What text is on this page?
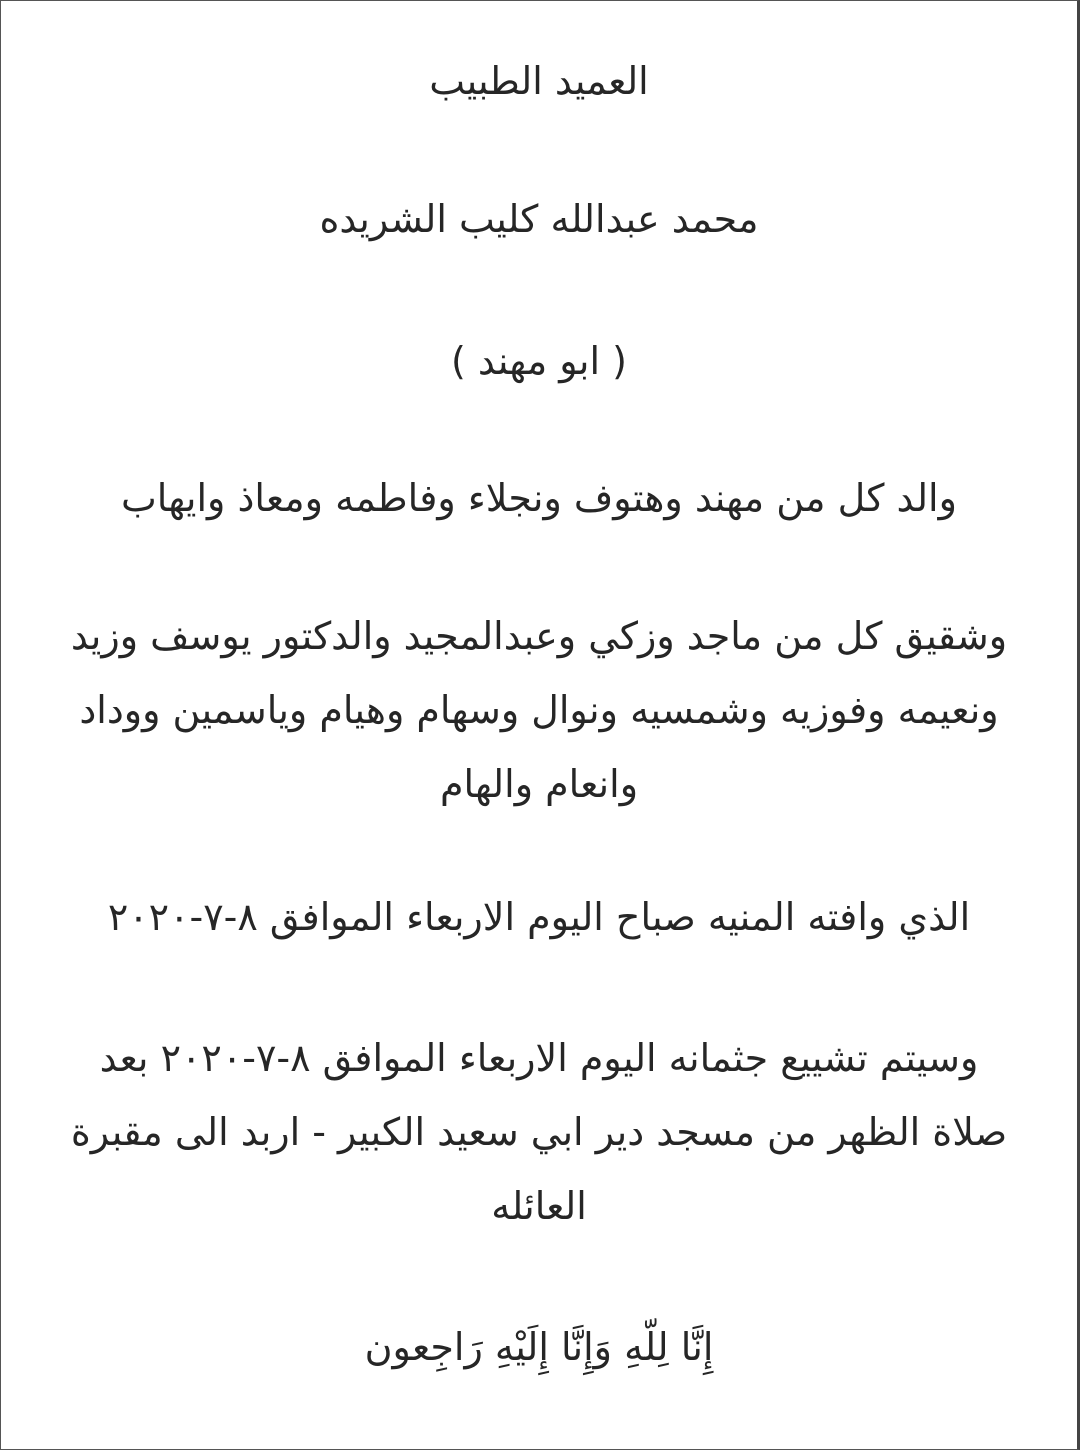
العميد الطبيب
محمد عبدالله كليب الشريده
( ابو مهند )
والد كل من مهند وهتوف ونجلاء وفاطمه ومعاذ وايهاب
وشقيق كل من ماجد وزكي وعبدالمجيد والدكتور يوسف وزيد ونعيمه وفوزيه وشمسيه ونوال وسهام وهيام وياسمين ووداد وانعام والهام
الذي وافته المنيه صباح اليوم الاربعاء الموافق ٨-٧-٢٠٢٠
وسيتم تشييع جثمانه اليوم الاربعاء الموافق ٨-٧-٢٠٢٠ بعد صلاة الظهر من مسجد دير ابي سعيد الكبير - اربد الى مقبرة العائله
إِنَّا لِلّهِ وَإِنَّا إِلَيْهِ رَاجِعون
